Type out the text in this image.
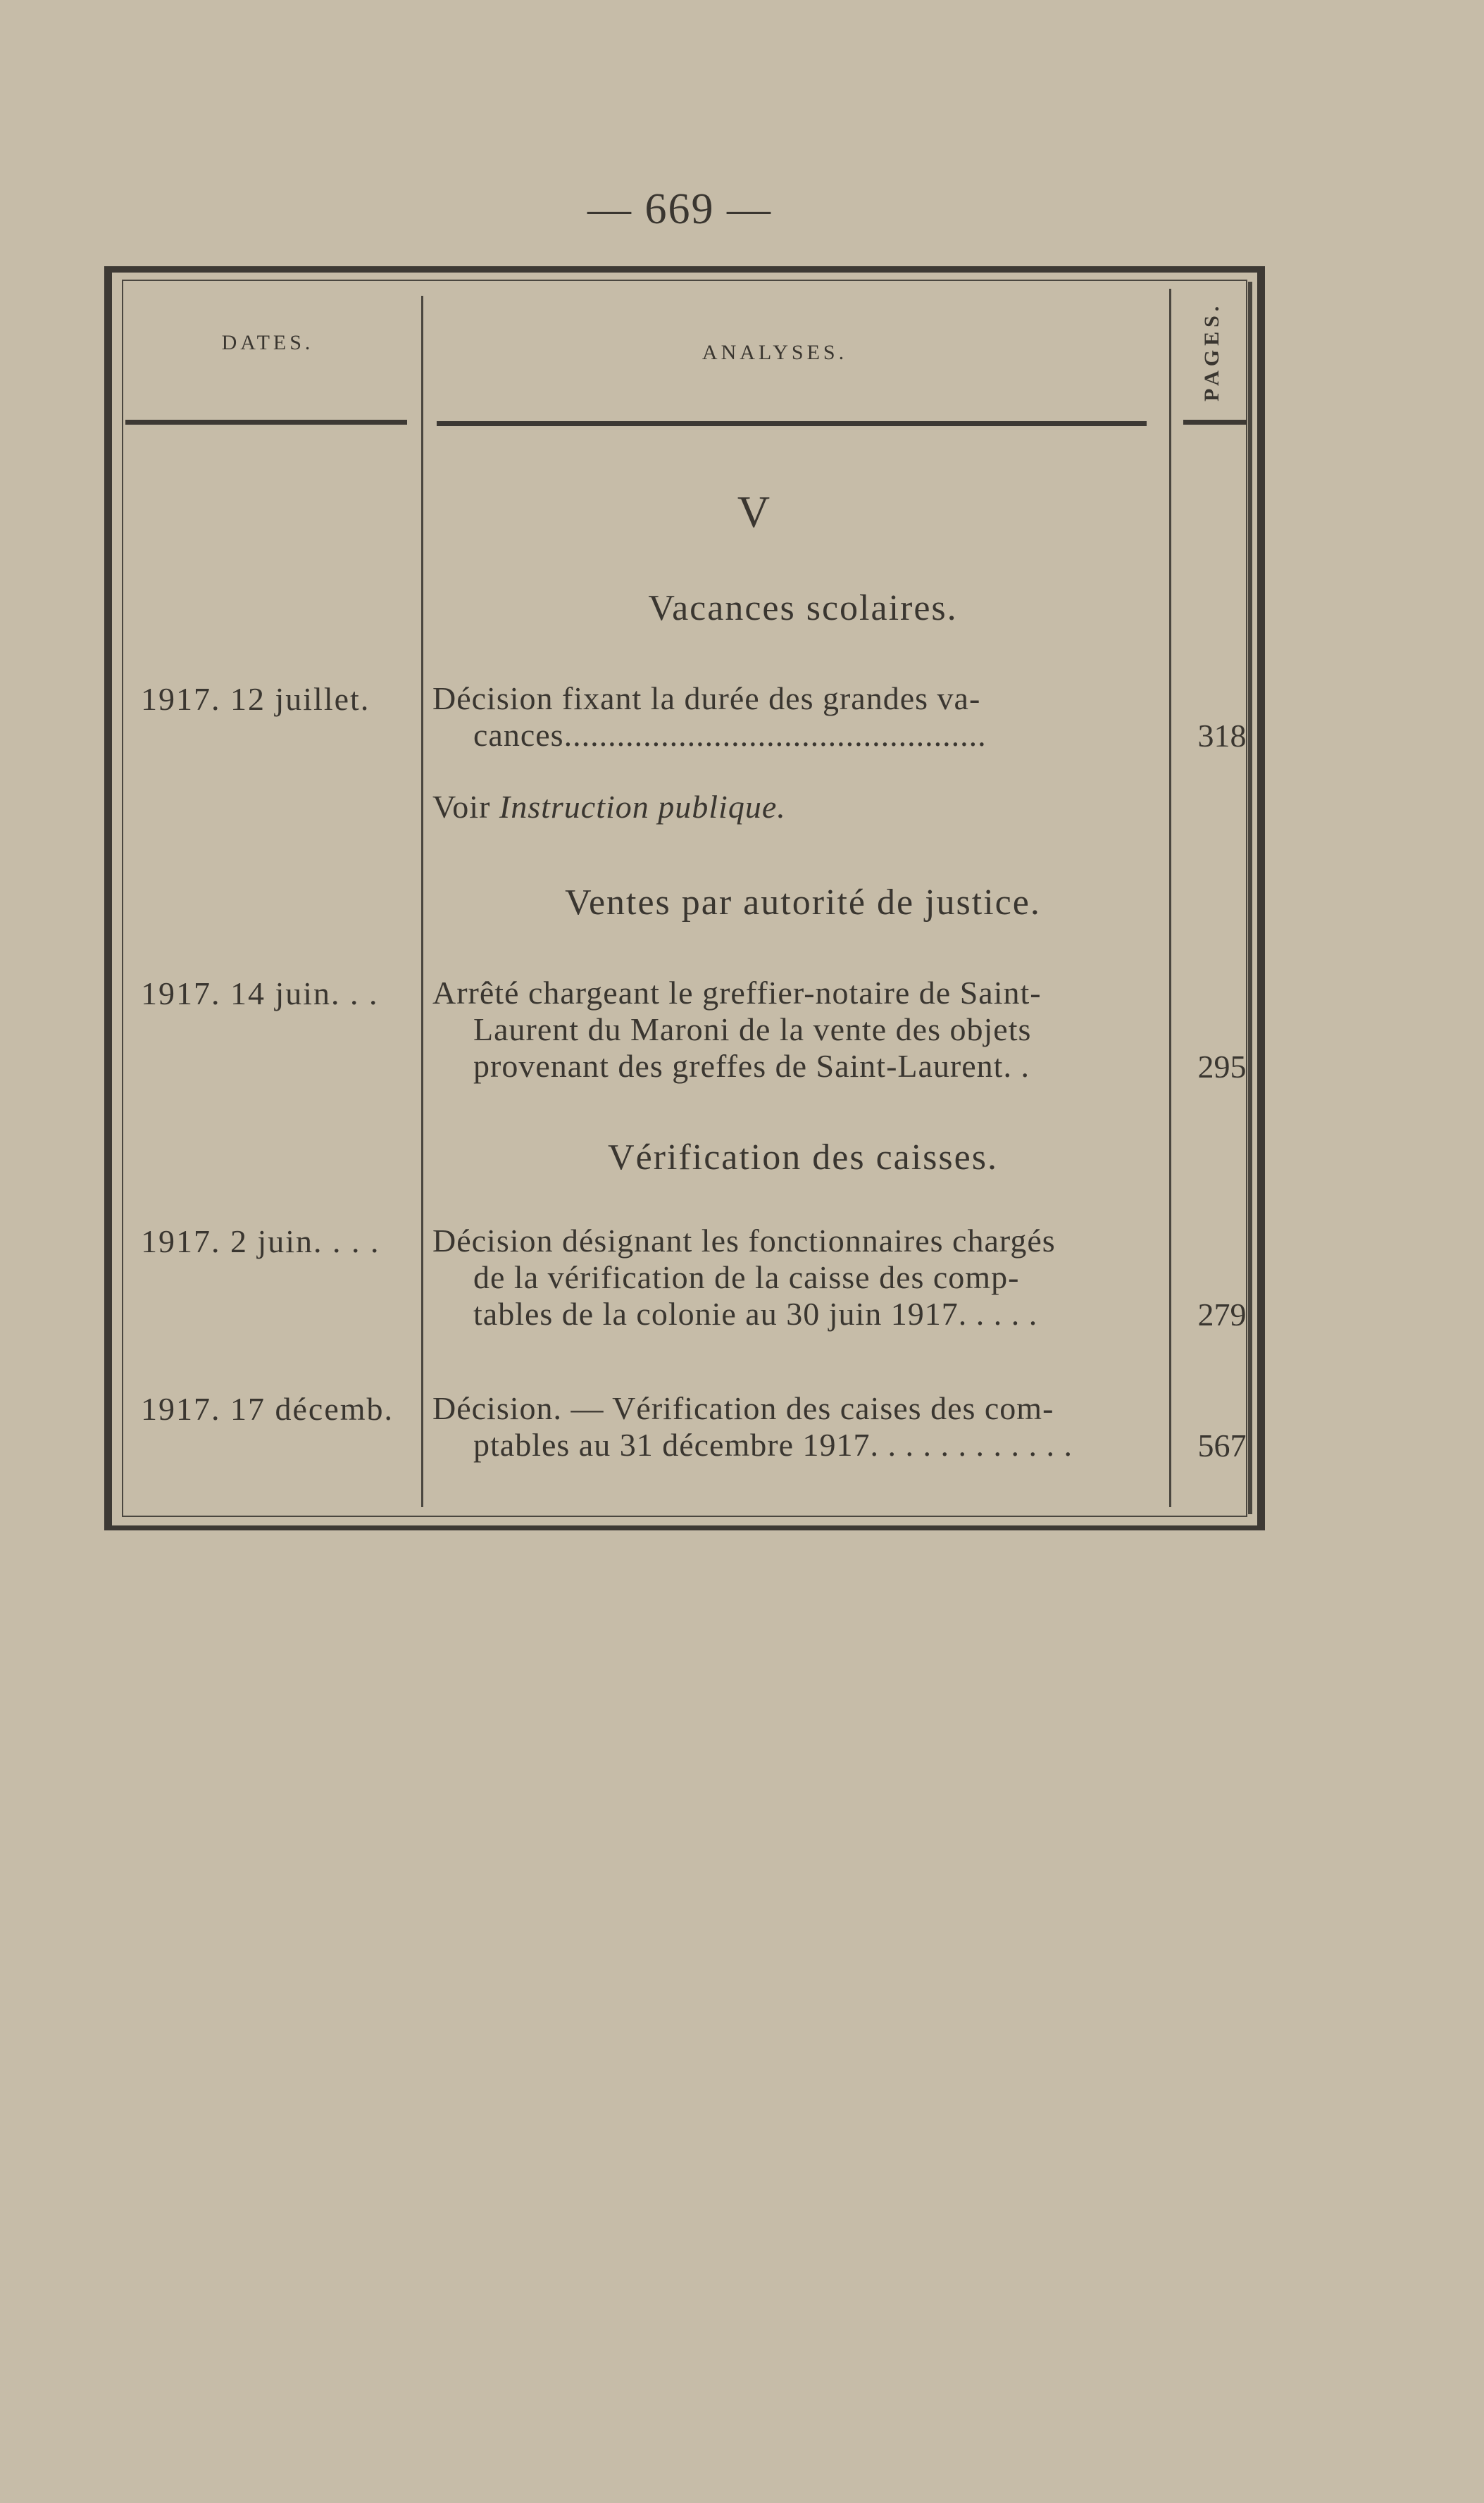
— 669 —
DATES.	ANALYSES.	PAGES.
V
Vacances scolaires.
1917. 12 juillet.	Décision fixant la durée des grandes va-
cances................................................	318
Voir Instruction publique.
Ventes par autorité de justice.
1917. 14 juin. . .	Arrêté chargeant le greffier-notaire de Saint-
Laurent du Maroni de la vente des objets
provenant des greffes de Saint-Laurent. .	295
Vérification des caisses.
1917. 2 juin. . . .	Décision désignant les fonctionnaires chargés
de la vérification de la caisse des comp-
tables de la colonie au 30 juin 1917. . . . .	279
1917. 17 décemb.	Décision. — Vérification des caises des com-
ptables au 31 décembre 1917. . . . . . . . . . . .	567
